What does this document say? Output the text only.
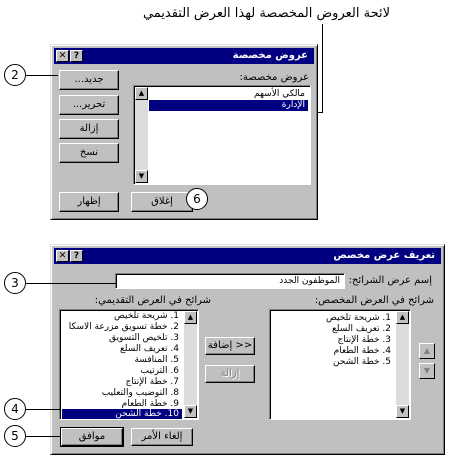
لائحة العروض المخصصة لهذا العرض التقديمي
عروض مخصصة
✕ ?
عروض مخصصة:
▲
▼
مالكي الأسهم
الإدارة
جديد...
تحرير...
إزالة
نسخ
إغلاق
إظهار
تعريف عرض مخصص
✕ ?
إسم عرض الشرائح:
الموظفون الجدد
شرائح في العرض المخصص:
شرائح في العرض التقديمي:
▲
▼
1. شريحة تلخيص
2. خطة تسويق مزرعة الاسكا
3. تلخيص التسويق
4. تعريف السلع
5. المنافسة
6. الترتيب
7. خطة الإنتاج
8. التوضيب والتعليب
9. خطة الطعام
10. خطة الشحن
<< إضافة
إزالة
▲
▼
1. شريحة تلخيص
2. تعريف السلع
3. خطة الإنتاج
4. خطة الطعام
5. خطة الشحن
▲
▼
موافق	إلغاء الأمر
2
6
3
4
5
